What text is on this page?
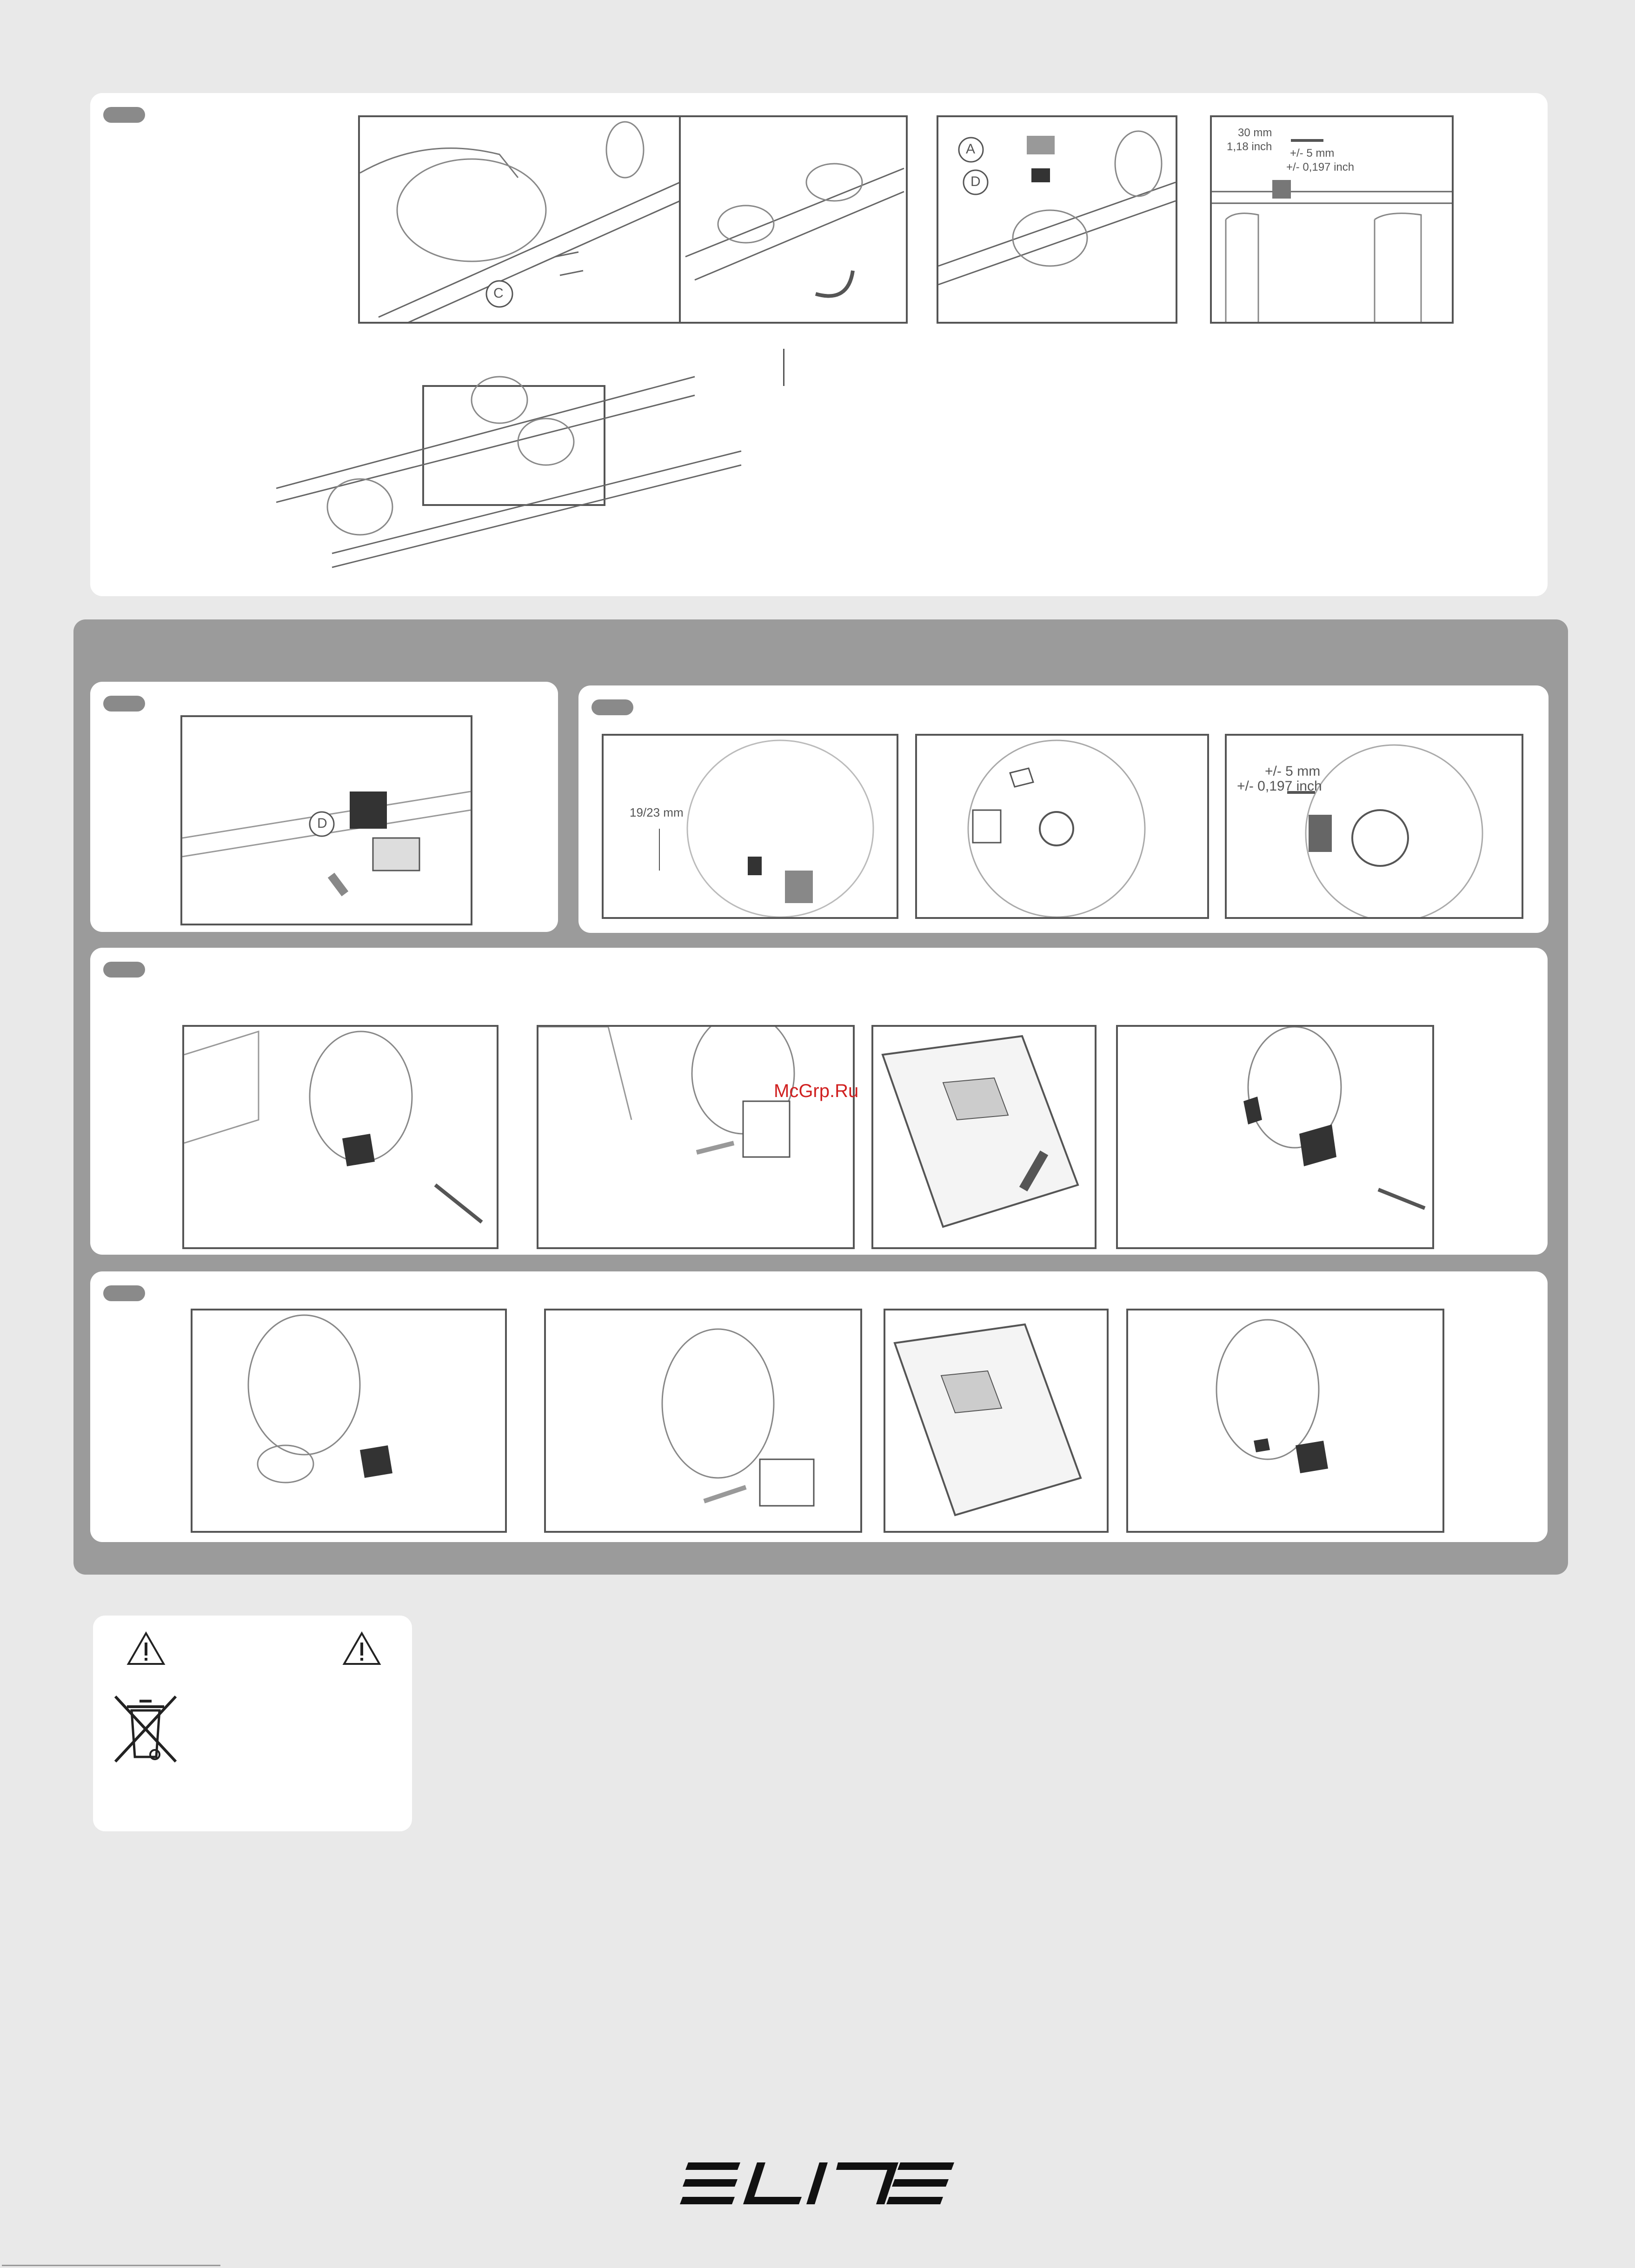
C
A
D
30 mm
1,18 inch
+/- 5 mm
+/- 0,197 inch
D
19/23 mm
+/- 5 mm
+/- 0,197 inch
McGrp.Ru
